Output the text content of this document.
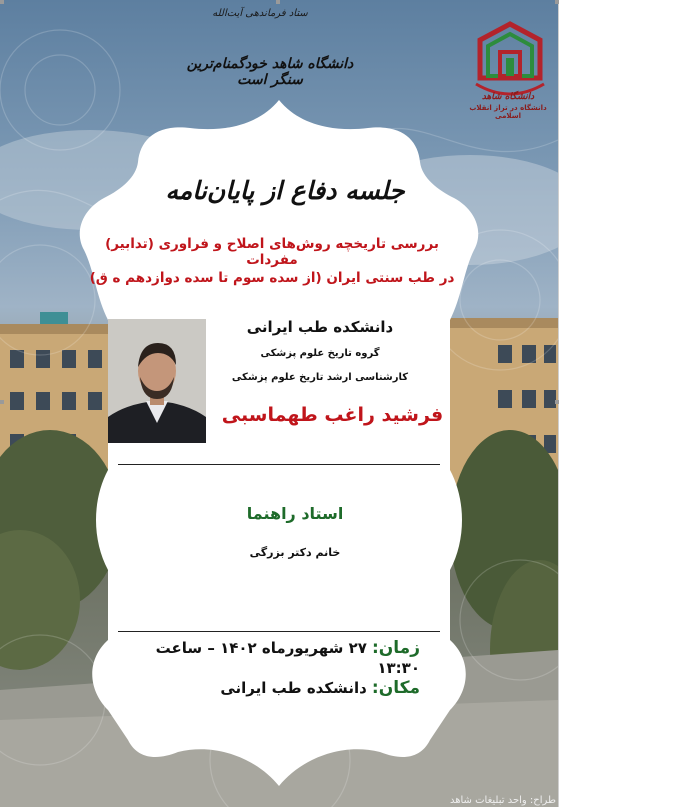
ستاد فرماندهی آیت‌الله
دانشگاه شاهد خودگمنام‌ترین سنگر است
دانشگاه شاهد
دانشگاه در تراز انقلاب اسلامی
جلسه دفاع از پایان‌نامه
بررسی تاریخچه روش‌های اصلاح و فراوری (تدابیر) مفردات
در طب سنتی ایران (از سده سوم تا سده دوازدهم ه ق)
دانشکده طب ایرانی
گروه تاریخ علوم پزشکی
کارشناسی ارشد تاریخ علوم پزشکی
فرشید راغب طهماسبی
استاد راهنما
خانم دکتر بزرگی
زمان: ۲۷ شهریورماه ۱۴۰۲ – ساعت ۱۳:۳۰
مکان: دانشکده طب ایرانی
طراح: واحد تبلیغات شاهد
